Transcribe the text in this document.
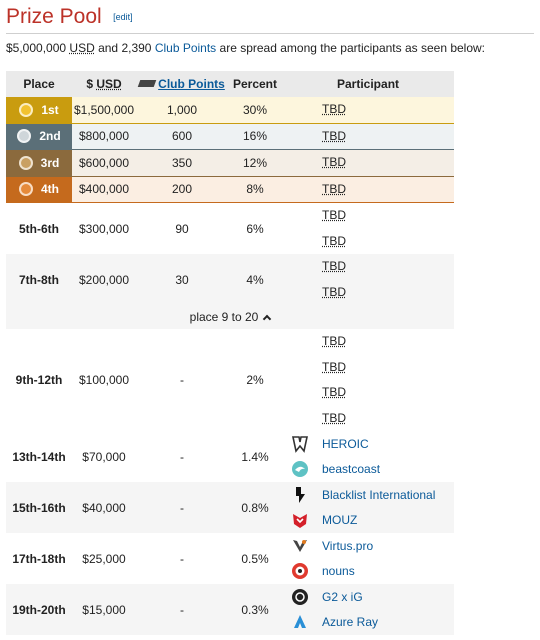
Prize Pool [edit]
$5,000,000 USD and 2,390 Club Points are spread among the participants as seen below:
Place	$ USD	Club Points	Percent	Participant	
1st	$1,500,000	1,000	30%		TBD

2nd	$800,000	600	16%		TBD

3rd	$600,000	350	12%		TBD

4th	$400,000	200	8%		TBD

5th-6th	$300,000	90	6%		TBD
TBD

7th-8th	$200,000	30	4%		TBD
TBD

place 9 to 20					
9th-12th	$100,000	-	2%		TBD
TBD
TBD
TBD

13th-14th	$70,000	-	1.4%		HEROIC
beastcoast

15th-16th	$40,000	-	0.8%		Blacklist International
MOUZ

17th-18th	$25,000	-	0.5%		Virtus.pro
nouns

19th-20th	$15,000	-	0.3%		G2 x iG
Azure Ray
